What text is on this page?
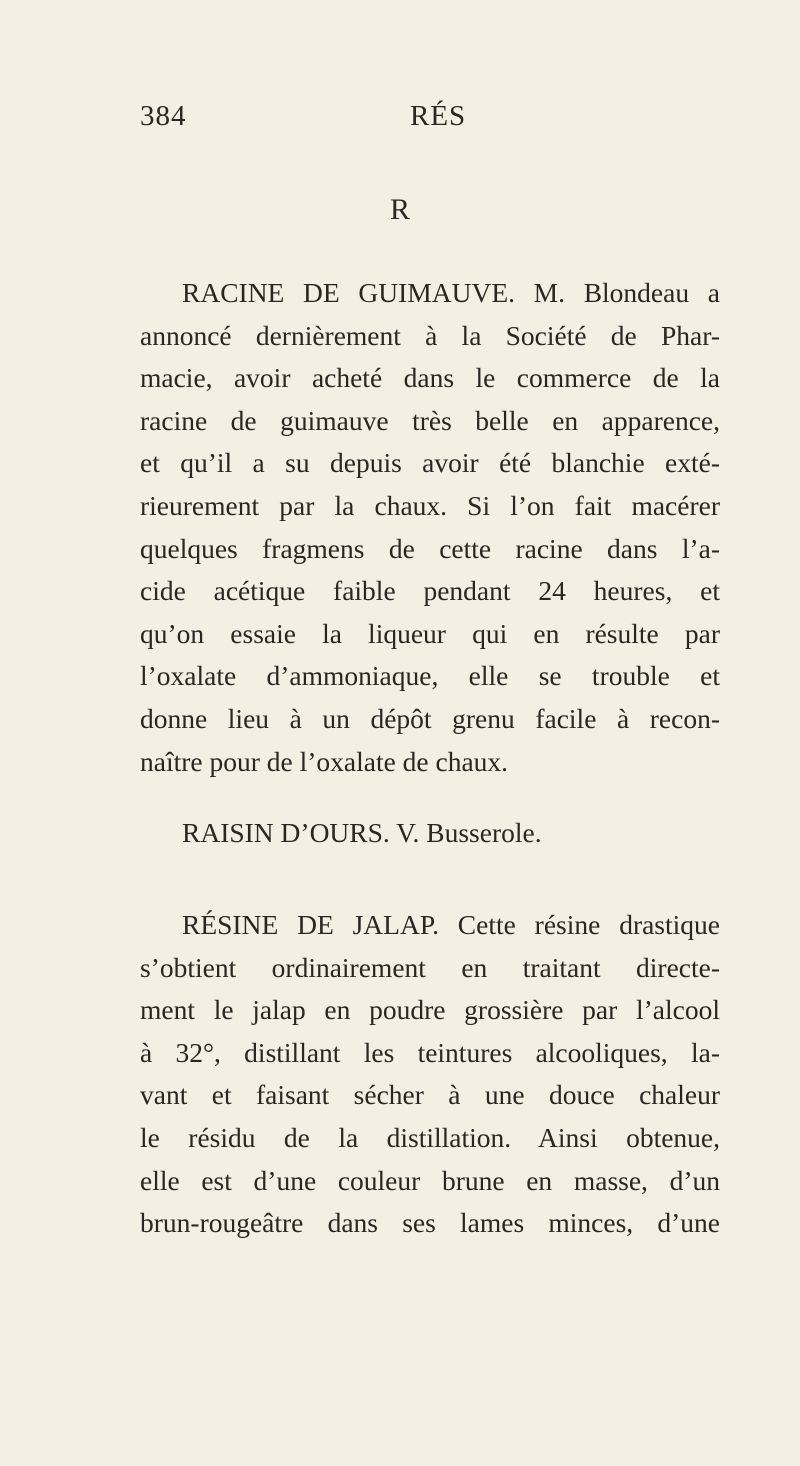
384	RÉS
R
RACINE DE GUIMAUVE. M. Blondeau a
annoncé dernièrement à la Société de Phar-
macie, avoir acheté dans le commerce de la
racine de guimauve très belle en apparence,
et qu’il a su depuis avoir été blanchie exté-
rieurement par la chaux. Si l’on fait macérer
quelques fragmens de cette racine dans l’a-
cide acétique faible pendant 24 heures, et
qu’on essaie la liqueur qui en résulte par
l’oxalate d’ammoniaque, elle se trouble et
donne lieu à un dépôt grenu facile à recon-
naître pour de l’oxalate de chaux.
RAISIN D’OURS. V. Busserole.
RÉSINE DE JALAP. Cette résine drastique
s’obtient ordinairement en traitant directe-
ment le jalap en poudre grossière par l’alcool
à 32°, distillant les teintures alcooliques, la-
vant et faisant sécher à une douce chaleur
le résidu de la distillation. Ainsi obtenue,
elle est d’une couleur brune en masse, d’un
brun-rougeâtre dans ses lames minces, d’une
